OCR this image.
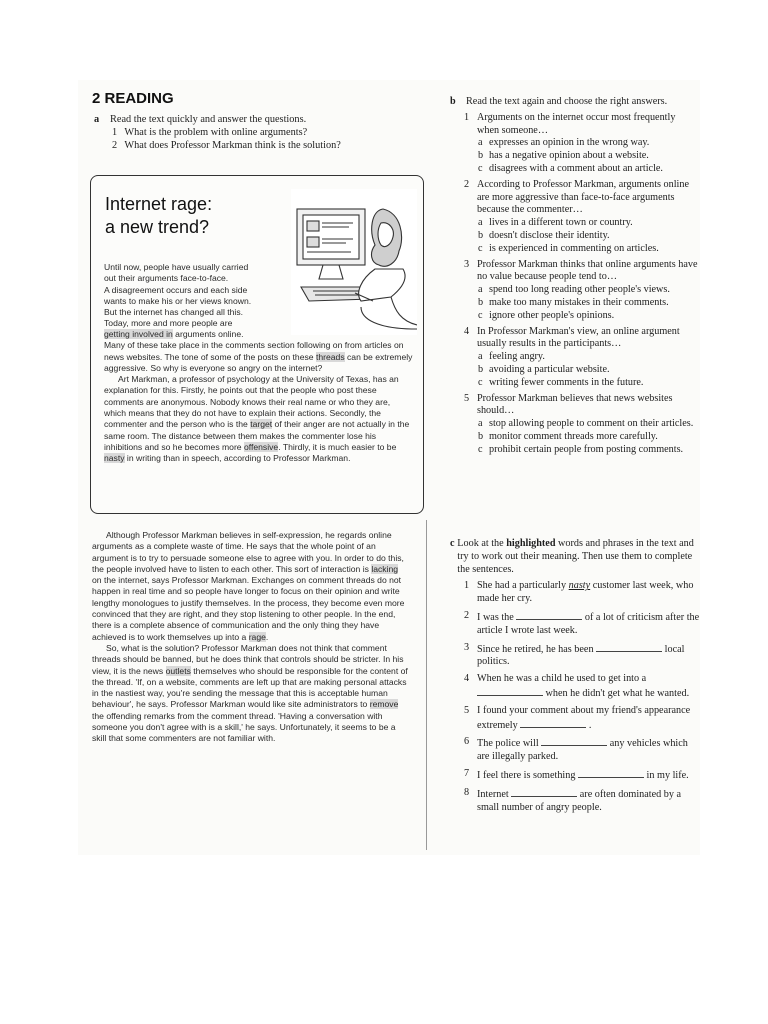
2 READING
a	Read the text quickly and answer the questions.
1 What is the problem with online arguments?
2 What does Professor Markman think is the solution?
Internet rage:
a new trend?

Until now, people have usually carried

out their arguments face-to-face.

A disagreement occurs and each side

wants to make his or her views known.

But the internet has changed all this.

Today, more and more people are

getting involved in arguments online.

Many of these take place in the comments section following on from articles on news websites. The tone of some of the posts on these threads can be extremely aggressive. So why is everyone so angry on the internet?

Art Markman, a professor of psychology at the University of Texas, has an explanation for this. Firstly, he points out that the people who post these comments are anonymous. Nobody knows their real name or who they are, which means that they do not have to explain their actions. Secondly, the commenter and the person who is the target of their anger are not actually in the same room. The distance between them makes the commenter lose his inhibitions and so he becomes more offensive. Thirdly, it is much easier to be nasty in writing than in speech, according to Professor Markman.

Although Professor Markman believes in self-expression, he regards online arguments as a complete waste of time. He says that the whole point of an argument is to try to persuade someone else to agree with you. In order to do this, the people involved have to listen to each other. This sort of interaction is lacking on the internet, says Professor Markman. Exchanges on comment threads do not happen in real time and so people have longer to focus on their opinion and write lengthy monologues to justify themselves. In the process, they become even more convinced that they are right, and they stop listening to other people. In the end, there is a complete absence of communication and the only thing they have achieved is to work themselves up into a rage.

So, what is the solution? Professor Markman does not think that comment threads should be banned, but he does think that controls should be stricter. In his view, it is the news outlets themselves who should be responsible for the content of the thread. 'If, on a website, comments are left up that are making personal attacks in the nastiest way, you're sending the message that this is acceptable human behaviour', he says. Professor Markman would like site administrators to remove the offending remarks from the comment thread. 'Having a conversation with someone you don't agree with is a skill,' he says. Unfortunately, it seems to be a skill that some commenters are not familiar with.

b	Read the text again and choose the right answers.
1 Arguments on the internet occur most frequently when someone…
a expresses an opinion in the wrong way.
b has a negative opinion about a website.
c disagrees with a comment about an article.
2 According to Professor Markman, arguments online are more aggressive than face-to-face arguments because the commenter…
a lives in a different town or country.
b doesn't disclose their identity.
c is experienced in commenting on articles.
3 Professor Markman thinks that online arguments have no value because people tend to…
a spend too long reading other people's views.
b make too many mistakes in their comments.
c ignore other people's opinions.
4 In Professor Markman's view, an online argument usually results in the participants…
a feeling angry.
b avoiding a particular website.
c writing fewer comments in the future.
5 Professor Markman believes that news websites should…
a stop allowing people to comment on their articles.
b monitor comment threads more carefully.
c prohibit certain people from posting comments.
c Look at the highlighted words and phrases in the text and try to work out their meaning. Then use them to complete the sentences.
1 She had a particularly nasty customer last week, who made her cry.
2 I was the	of a lot of criticism after the article I wrote last week.
3 Since he retired, he has been	local politics.
4 When he was a child he used to get into a  when he didn't get what he wanted.
5 I found your comment about my friend's appearance extremely	.
6 The police will	any vehicles which are illegally parked.
7 I feel there is something	in my life.
8 Internet	are often dominated by a small number of angry people.
